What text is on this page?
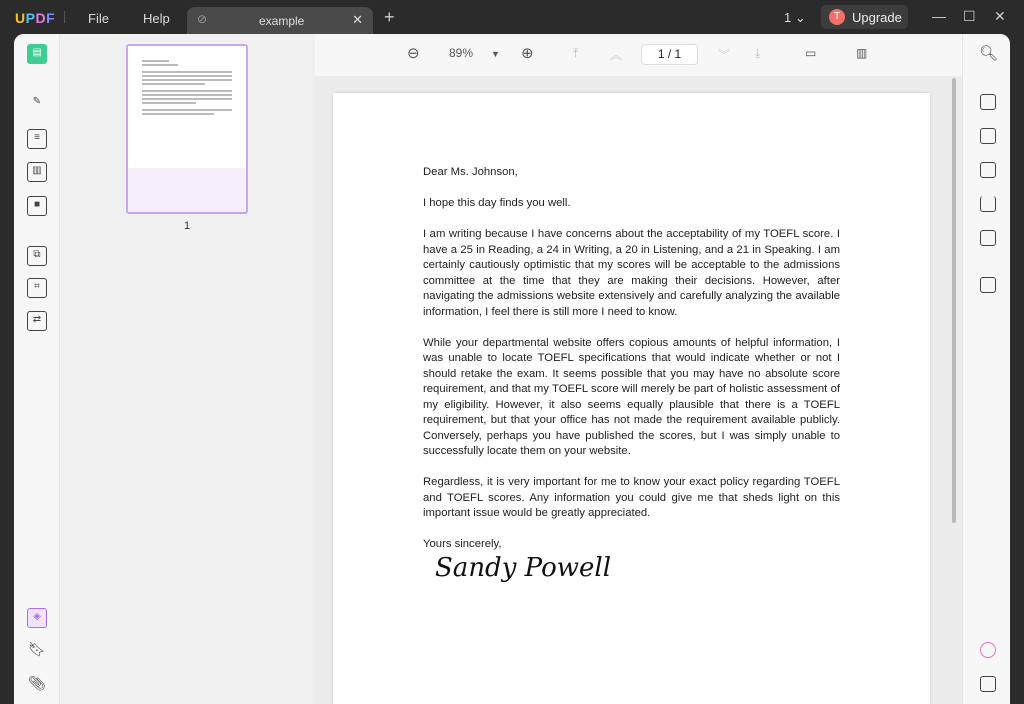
UPDF	File	Help ⊘	example	✕ +	1 ⌄	T Upgrade — ☐ ✕
▤
✎
≡
▥
■
⧉
⌗
⇄
◈
🔖︎
📎︎
1
⊖ 89% ▼ ⊕	⤒	︽	1 / 1	︾ ⤓	▭	▥

Dear Ms. Johnson,

I hope this day finds you well.

I am writing because I have concerns about the acceptability of my TOEFL score. I have a 25 in Reading, a 24 in Writing, a 20 in Listening, and a 21 in Speaking. I am certainly cautiously optimistic that my scores will be acceptable to the admissions committee at the time that they are making their decisions. However, after navigating the admissions website extensively and carefully analyzing the available information, I feel there is still more I need to know.

While your departmental website offers copious amounts of helpful information, I was unable to locate TOEFL specifications that would indicate whether or not I should retake the exam. It seems possible that you may have no absolute score requirement, and that my TOEFL score will merely be part of holistic assessment of my eligibility. However, it also seems equally plausible that there is a TOEFL requirement, but that your office has not made the requirement available publicly. Conversely, perhaps you have published the scores, but I was simply unable to successfully locate them on your website.

Regardless, it is very important for me to know your exact policy regarding TOEFL and TOEFL scores. Any information you could give me that sheds light on this important issue would be greatly appreciated.

Yours sincerely,

Sandy Powell
🔍︎
